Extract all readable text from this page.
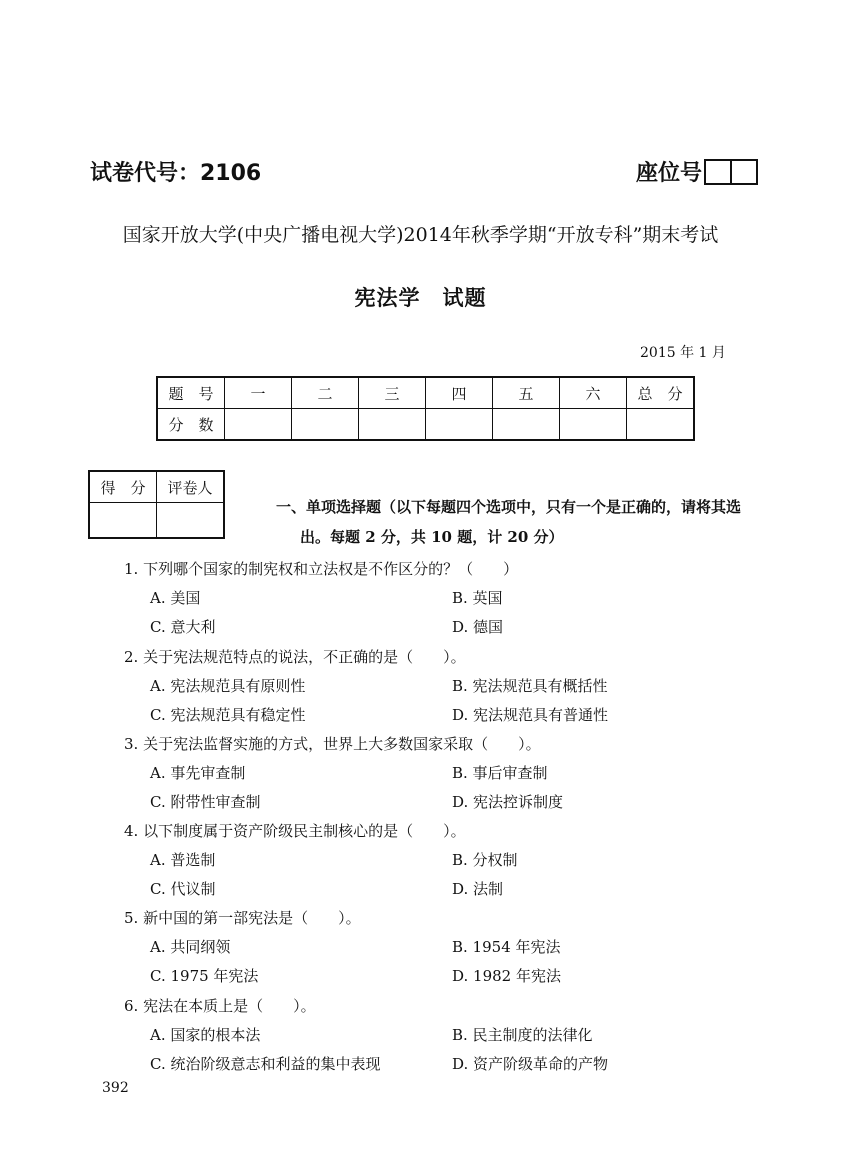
试卷代号：2106	座位号
国家开放大学(中央广播电视大学)2014年秋季学期“开放专科”期末考试
宪法学　试题
2015 年 1 月
题　号	一	二	三	四	五	六	总　分
分　数							
得　分	评卷人

一、单项选择题（以下每题四个选项中，只有一个是正确的，请将其选
出。每题 2 分，共 10 题，计 20 分）
1. 下列哪个国家的制宪权和立法权是不作区分的？（　　）
A. 美国	B. 英国
C. 意大利	D. 德国
2. 关于宪法规范特点的说法，不正确的是（　　）。
A. 宪法规范具有原则性	B. 宪法规范具有概括性
C. 宪法规范具有稳定性	D. 宪法规范具有普通性
3. 关于宪法监督实施的方式，世界上大多数国家采取（　　）。
A. 事先审查制	B. 事后审查制
C. 附带性审查制	D. 宪法控诉制度
4. 以下制度属于资产阶级民主制核心的是（　　）。
A. 普选制	B. 分权制
C. 代议制	D. 法制
5. 新中国的第一部宪法是（　　）。
A. 共同纲领	B. 1954 年宪法
C. 1975 年宪法	D. 1982 年宪法
6. 宪法在本质上是（　　）。
A. 国家的根本法	B. 民主制度的法律化
C. 统治阶级意志和利益的集中表现	D. 资产阶级革命的产物
392
